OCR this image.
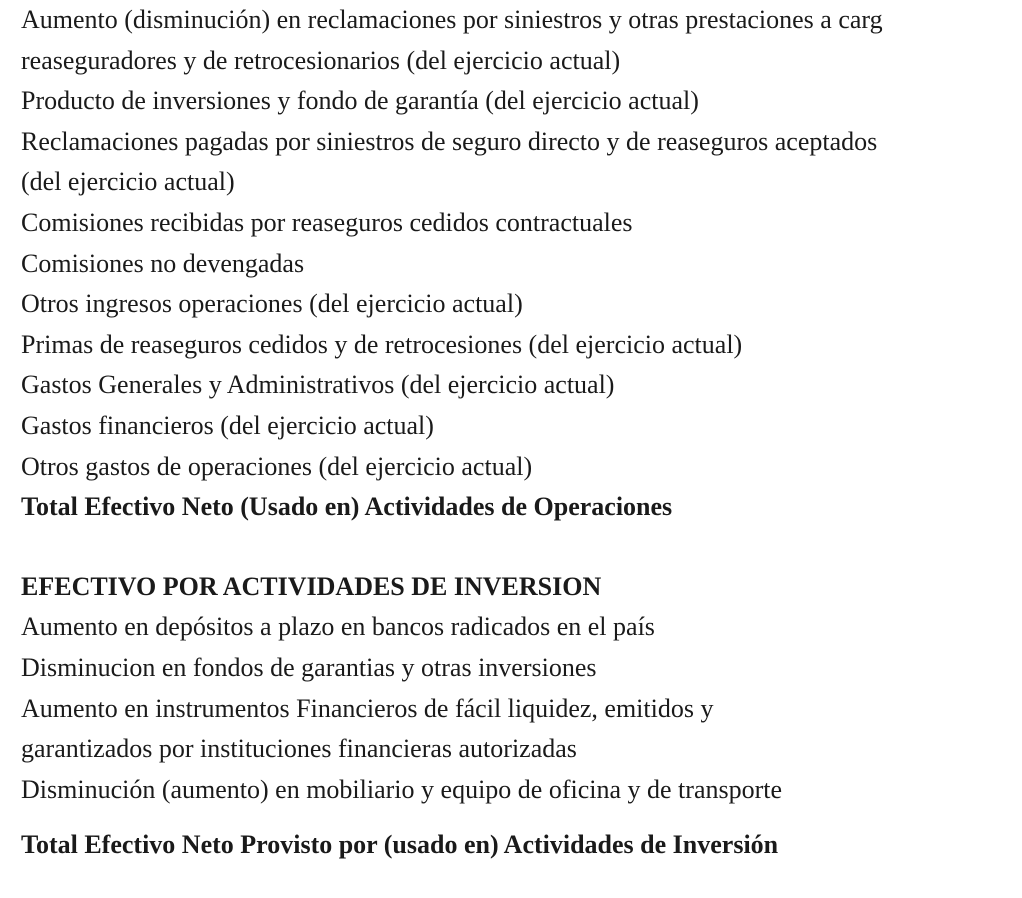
Aumento (disminución) en reclamaciones por siniestros y otras prestaciones a carg

reaseguradores y de retrocesionarios (del ejercicio actual)

Producto de inversiones y fondo de garantía (del ejercicio actual)

Reclamaciones pagadas por siniestros de seguro directo y de reaseguros aceptados

(del ejercicio actual)

Comisiones recibidas por reaseguros cedidos contractuales

Comisiones no devengadas

Otros ingresos operaciones (del ejercicio actual)

Primas de reaseguros cedidos y de retrocesiones (del ejercicio actual)

Gastos Generales y Administrativos (del ejercicio actual)

Gastos financieros (del ejercicio actual)

Otros gastos de operaciones (del ejercicio actual)

Total Efectivo Neto (Usado en) Actividades de Operaciones

EFECTIVO POR ACTIVIDADES DE INVERSION

Aumento en depósitos a plazo en bancos radicados en el país

Disminucion en fondos de garantias y otras inversiones

Aumento en instrumentos Financieros de fácil liquidez, emitidos y

garantizados por instituciones financieras autorizadas

Disminución (aumento) en mobiliario y equipo de oficina y de transporte

Total Efectivo Neto Provisto por (usado en) Actividades de Inversión
